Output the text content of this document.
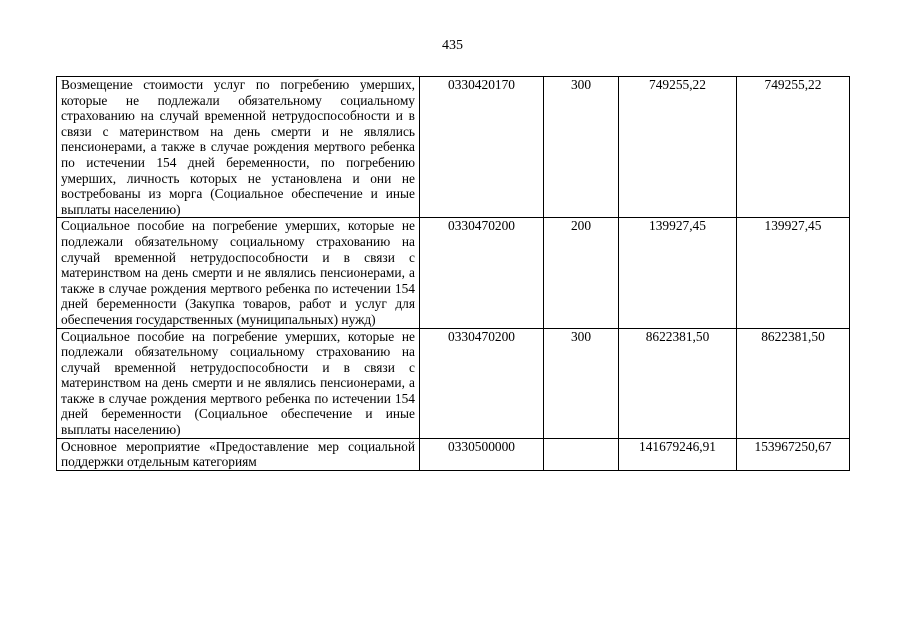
435
Возмещение стоимости услуг по погребению умерших, которые не подлежали обязательному социальному страхованию на случай временной нетрудоспособности и в связи с материнством на день смерти и не являлись пенсионерами, а также в случае рождения мертвого ребенка по истечении 154 дней беременности, по погребению умерших, личность которых не установлена и они не востребованы из морга (Социальное обеспечение и иные выплаты населению)	0330420170	300	749255,22	749255,22
Социальное пособие на погребение умерших, которые не подлежали обязательному социальному страхованию на случай временной нетрудоспособности и в связи с материнством на день смерти и не являлись пенсионерами, а также в случае рождения мертвого ребенка по истечении 154 дней беременности (Закупка товаров, работ и услуг для обеспечения государственных (муниципальных) нужд)	0330470200	200	139927,45	139927,45
Социальное пособие на погребение умерших, которые не подлежали обязательному социальному страхованию на случай временной нетрудоспособности и в связи с материнством на день смерти и не являлись пенсионерами, а также в случае рождения мертвого ребенка по истечении 154 дней беременности (Социальное обеспечение и иные выплаты населению)	0330470200	300	8622381,50	8622381,50
Основное мероприятие «Предоставление мер социальной поддержки отдельным категориям	0330500000		141679246,91	153967250,67
